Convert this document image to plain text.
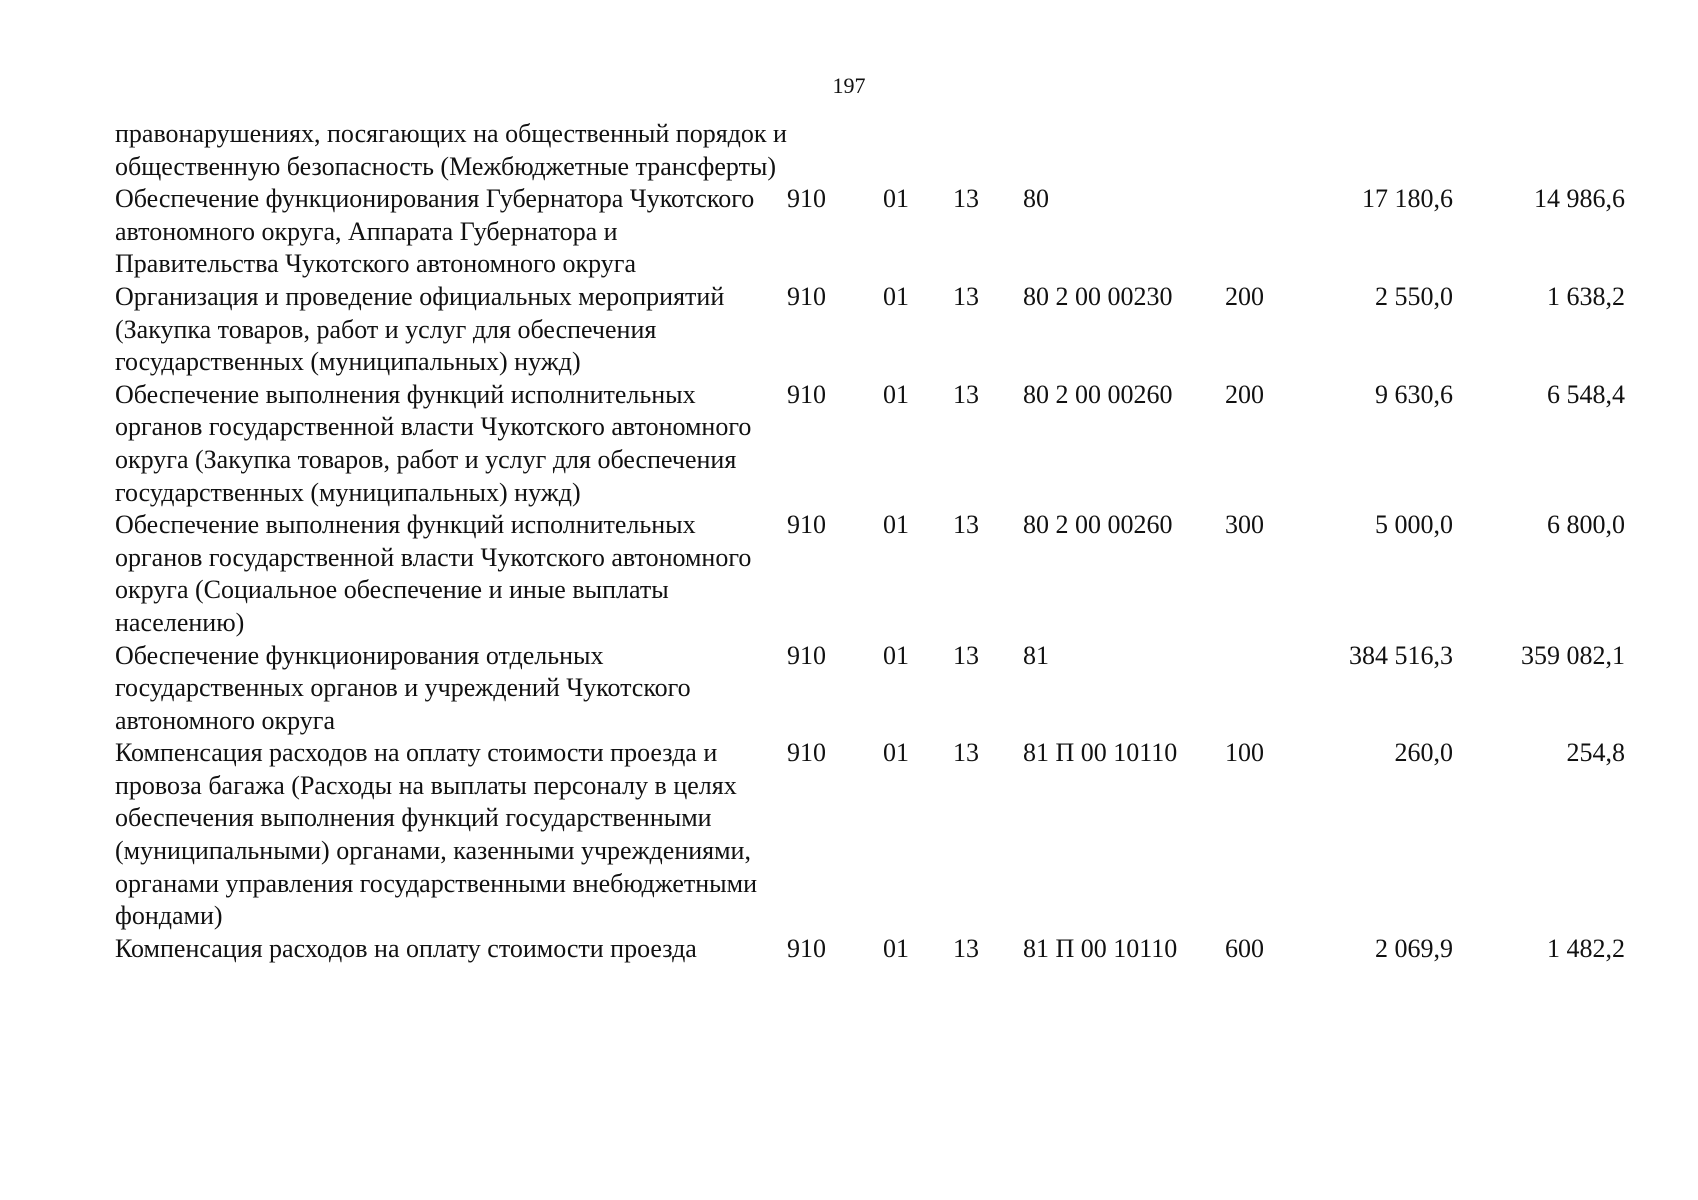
197
правонарушениях, посягающих на общественный порядок и общественную безопасность (Межбюджетные трансферты)							
Обеспечение функционирования Губернатора Чукотского автономного округа, Аппарата Губернатора и Правительства Чукотского автономного округа	910	01	13	80		17 180,6	14 986,6
Организация и проведение официальных мероприятий (Закупка товаров, работ и услуг для обеспечения государственных (муниципальных) нужд)	910	01	13	80 2 00 00230	200	2 550,0	1 638,2
Обеспечение выполнения функций исполнительных органов государственной власти Чукотского автономного округа (Закупка товаров, работ и услуг для обеспечения государственных (муниципальных) нужд)	910	01	13	80 2 00 00260	200	9 630,6	6 548,4
Обеспечение выполнения функций исполнительных органов государственной власти Чукотского автономного округа (Социальное обеспечение и иные выплаты населению)	910	01	13	80 2 00 00260	300	5 000,0	6 800,0
Обеспечение функционирования отдельных государственных органов и учреждений Чукотского автономного округа	910	01	13	81		384 516,3	359 082,1
Компенсация расходов на оплату стоимости проезда и провоза багажа (Расходы на выплаты персоналу в целях обеспечения выполнения функций государственными (муниципальными) органами, казенными учреждениями, органами управления государственными внебюджетными фондами)	910	01	13	81 П 00 10110	100	260,0	254,8
Компенсация расходов на оплату стоимости проезда	910	01	13	81 П 00 10110	600	2 069,9	1 482,2
